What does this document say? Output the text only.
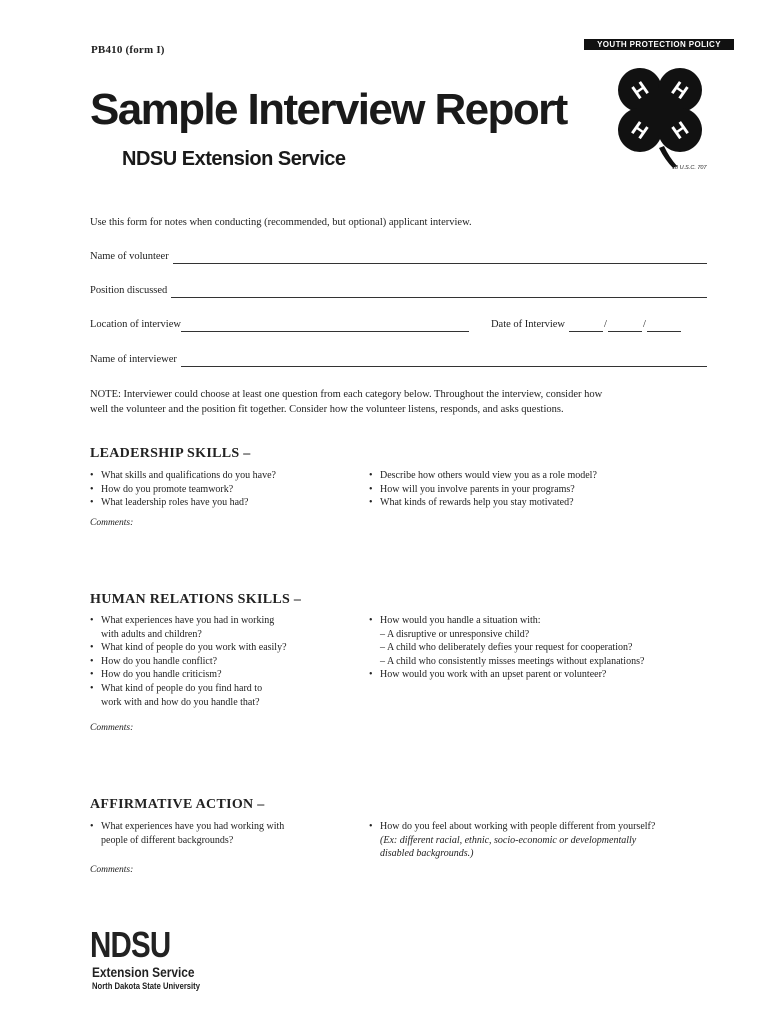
PB410 (form I)	YOUTH PROTECTION POLICY
Sample Interview Report
NDSU Extension Service
H H
H H
18 U.S.C. 707
Use this form for notes when conducting (recommended, but optional) applicant interview.
Name of volunteer
Position discussed
Location of interview	Date of Interview	/	/
Name of interviewer
NOTE: Interviewer could choose at least one question from each category below. Throughout the interview, consider how
well the volunteer and the position fit together. Consider how the volunteer listens, responds, and asks questions.
LEADERSHIP SKILLS –
• What skills and qualifications do you have?
• How do you promote teamwork?
• What leadership roles have you had?
• Describe how others would view you as a role model?
• How will you involve parents in your programs?
• What kinds of rewards help you stay motivated?
Comments:
HUMAN RELATIONS SKILLS –
• What experiences have you had in working
with adults and children?
• What kind of people do you work with easily?
• How do you handle conflict?
• How do you handle criticism?
• What kind of people do you find hard to
work with and how do you handle that?
• How would you handle a situation with:
– A disruptive or unresponsive child?
– A child who deliberately defies your request for cooperation?
– A child who consistently misses meetings without explanations?
• How would you work with an upset parent or volunteer?
Comments:
AFFIRMATIVE ACTION –
• What experiences have you had working with
people of different backgrounds?
• How do you feel about working with people different from yourself?
(Ex: different racial, ethnic, socio-economic or developmentally
disabled backgrounds.)
Comments:
NDSU
Extension Service
North Dakota State University
